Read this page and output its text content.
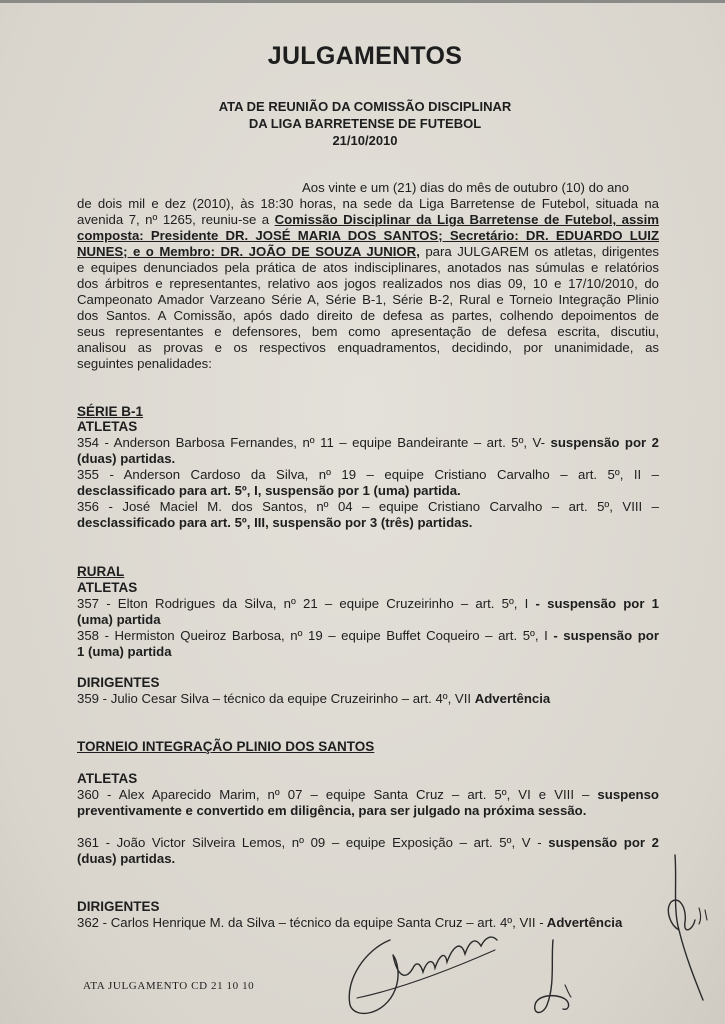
JULGAMENTOS
ATA DE REUNIÃO DA COMISSÃO DISCIPLINAR
DA LIGA BARRETENSE DE FUTEBOL
21/10/2010
Aos vinte e um (21) dias do mês de outubro (10) do ano
de dois mil e dez (2010), às 18:30 horas, na sede da Liga Barretense de Futebol, situada na
avenida 7, nº 1265, reuniu-se a Comissão Disciplinar da Liga Barretense de Futebol, assim
composta: Presidente DR. JOSÉ MARIA DOS SANTOS; Secretário: DR. EDUARDO LUIZ
NUNES; e o Membro: DR. JOÃO DE SOUZA JUNIOR, para JULGAREM os atletas, dirigentes
e equipes denunciados pela prática de atos indisciplinares, anotados nas súmulas e relatórios
dos árbitros e representantes, relativo aos jogos realizados nos dias 09, 10 e 17/10/2010, do
Campeonato Amador Varzeano Série A, Série B-1, Série B-2, Rural e Torneio Integração Plinio
dos Santos. A Comissão, após dado direito de defesa as partes, colhendo depoimentos de
seus representantes e defensores, bem como apresentação de defesa escrita, discutiu,
analisou as provas e os respectivos enquadramentos, decidindo, por unanimidade, as
seguintes penalidades:
SÉRIE B-1
ATLETAS
354 - Anderson Barbosa Fernandes, nº 11 – equipe Bandeirante – art. 5º, V- suspensão por 2
(duas) partidas.
355 - Anderson Cardoso da Silva, nº 19 – equipe Cristiano Carvalho – art. 5º, II –
desclassificado para art. 5º, I, suspensão por 1 (uma) partida.
356 - José Maciel M. dos Santos, nº 04 – equipe Cristiano Carvalho – art. 5º, VIII –
desclassificado para art. 5º, III, suspensão por 3 (três) partidas.
RURAL
ATLETAS
357 - Elton Rodrigues da Silva, nº 21 – equipe Cruzeirinho – art. 5º, I - suspensão por 1
(uma) partida
358 - Hermiston Queiroz Barbosa, nº 19 – equipe Buffet Coqueiro – art. 5º, I - suspensão por
1 (uma) partida
DIRIGENTES
359 - Julio Cesar Silva – técnico da equipe Cruzeirinho – art. 4º, VII Advertência
TORNEIO INTEGRAÇÃO PLINIO DOS SANTOS
ATLETAS
360 - Alex Aparecido Marim, nº 07 – equipe Santa Cruz – art. 5º, VI e VIII – suspenso
preventivamente e convertido em diligência, para ser julgado na próxima sessão.
361 - João Victor Silveira Lemos, nº 09 – equipe Exposição – art. 5º, V - suspensão por 2
(duas) partidas.
DIRIGENTES
362 - Carlos Henrique M. da Silva – técnico da equipe Santa Cruz – art. 4º, VII - Advertência
ATA JULGAMENTO CD 21 10 10
